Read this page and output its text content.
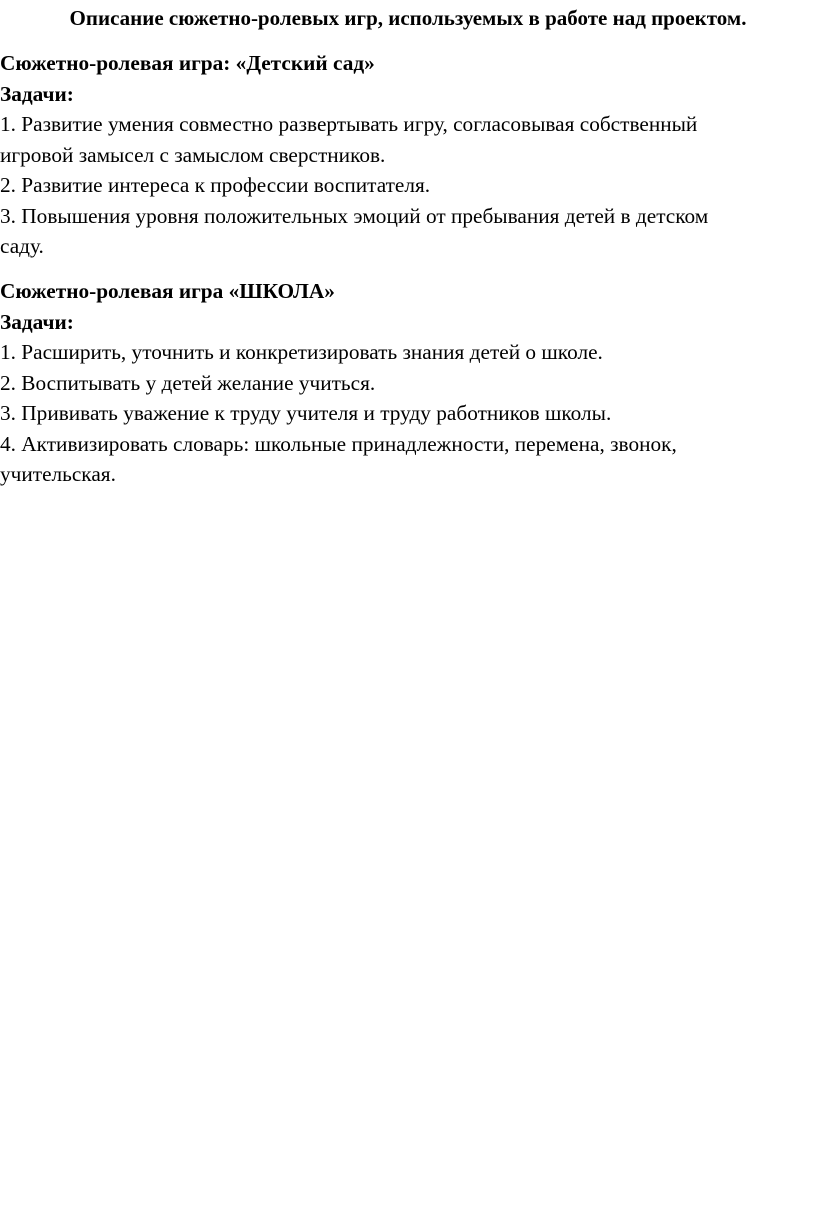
Описание сюжетно-ролевых игр, используемых в работе над проектом.

Сюжетно-ролевая игра: «Детский сад»

Задачи:

1. Развитие умения совместно развертывать игру, согласовывая собственный

игровой замысел с замыслом сверстников.

2. Развитие интереса к профессии воспитателя.

3. Повышения уровня положительных эмоций от пребывания детей в детском

саду.

Сюжетно-ролевая игра «ШКОЛА»

Задачи:

1. Расширить, уточнить и конкретизировать знания детей о школе.

2. Воспитывать у детей желание учиться.

3. Прививать уважение к труду учителя и труду работников школы.

4. Активизировать словарь: школьные принадлежности, перемена, звонок,

учительская.
